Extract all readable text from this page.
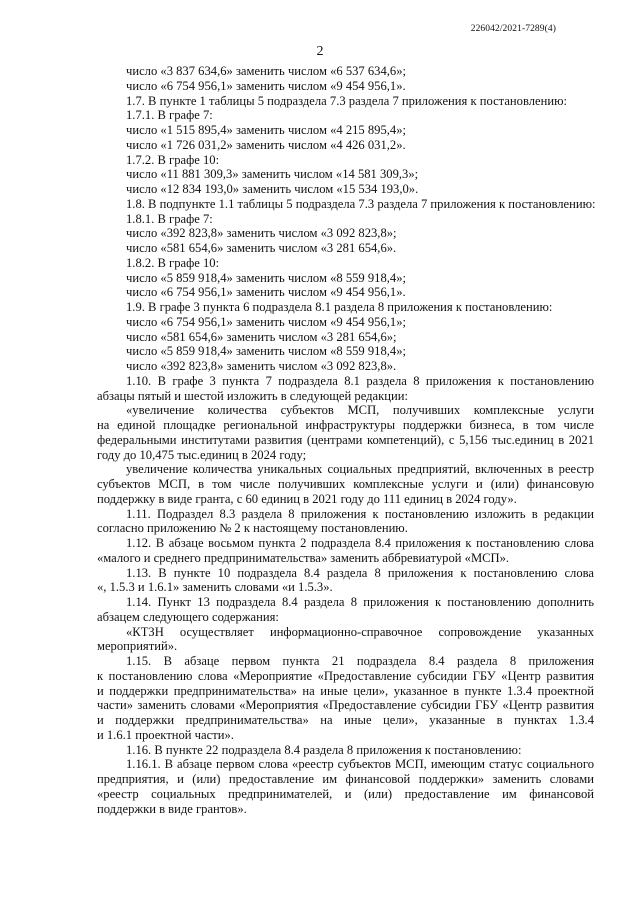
226042/2021-7289(4)
2
число «3 837 634,6» заменить числом «6 537 634,6»;
число «6 754 956,1» заменить числом «9 454 956,1».
1.7. В пункте 1 таблицы 5 подраздела 7.3 раздела 7 приложения к постановлению:
1.7.1. В графе 7:
число «1 515 895,4» заменить числом «4 215 895,4»;
число «1 726 031,2» заменить числом «4 426 031,2».
1.7.2. В графе 10:
число «11 881 309,3» заменить числом «14 581 309,3»;
число «12 834 193,0» заменить числом «15 534 193,0».
1.8. В подпункте 1.1 таблицы 5 подраздела 7.3 раздела 7 приложения к постановлению:
1.8.1. В графе 7:
число «392 823,8» заменить числом «3 092 823,8»;
число «581 654,6» заменить числом «3 281 654,6».
1.8.2. В графе 10:
число «5 859 918,4» заменить числом «8 559 918,4»;
число «6 754 956,1» заменить числом «9 454 956,1».
1.9. В графе 3 пункта 6 подраздела 8.1 раздела 8 приложения к постановлению:
число «6 754 956,1» заменить числом «9 454 956,1»;
число «581 654,6» заменить числом «3 281 654,6»;
число «5 859 918,4» заменить числом «8 559 918,4»;
число «392 823,8» заменить числом «3 092 823,8».
1.10. В графе 3 пункта 7 подраздела 8.1 раздела 8 приложения к постановлению
абзацы пятый и шестой изложить в следующей редакции:
«увеличение количества субъектов МСП, получивших комплексные услуги
на единой площадке региональной инфраструктуры поддержки бизнеса, в том числе
федеральными институтами развития (центрами компетенций), с 5,156 тыс.единиц в 2021
году до 10,475 тыс.единиц в 2024 году;
увеличение количества уникальных социальных предприятий, включенных в реестр
субъектов МСП, в том числе получивших комплексные услуги и (или) финансовую
поддержку в виде гранта, с 60 единиц в 2021 году до 111 единиц в 2024 году».
1.11. Подраздел 8.3 раздела 8 приложения к постановлению изложить в редакции
согласно приложению № 2 к настоящему постановлению.
1.12. В абзаце восьмом пункта 2 подраздела 8.4 приложения к постановлению слова
«малого и среднего предпринимательства» заменить аббревиатурой «МСП».
1.13. В пункте 10 подраздела 8.4 раздела 8 приложения к постановлению слова
«, 1.5.3 и 1.6.1» заменить словами «и 1.5.3».
1.14. Пункт 13 подраздела 8.4 раздела 8 приложения к постановлению дополнить
абзацем следующего содержания:
«КТЗН осуществляет информационно-справочное сопровождение указанных
мероприятий».
1.15. В абзаце первом пункта 21 подраздела 8.4 раздела 8 приложения
к постановлению слова «Мероприятие «Предоставление субсидии ГБУ «Центр развития
и поддержки предпринимательства» на иные цели», указанное в пункте 1.3.4 проектной
части» заменить словами «Мероприятия «Предоставление субсидии ГБУ «Центр развития
и поддержки предпринимательства» на иные цели», указанные в пунктах 1.3.4
и 1.6.1 проектной части».
1.16. В пункте 22 подраздела 8.4 раздела 8 приложения к постановлению:
1.16.1. В абзаце первом слова «реестр субъектов МСП, имеющим статус социального
предприятия, и (или) предоставление им финансовой поддержки» заменить словами
«реестр социальных предпринимателей, и (или) предоставление им финансовой
поддержки в виде грантов».
